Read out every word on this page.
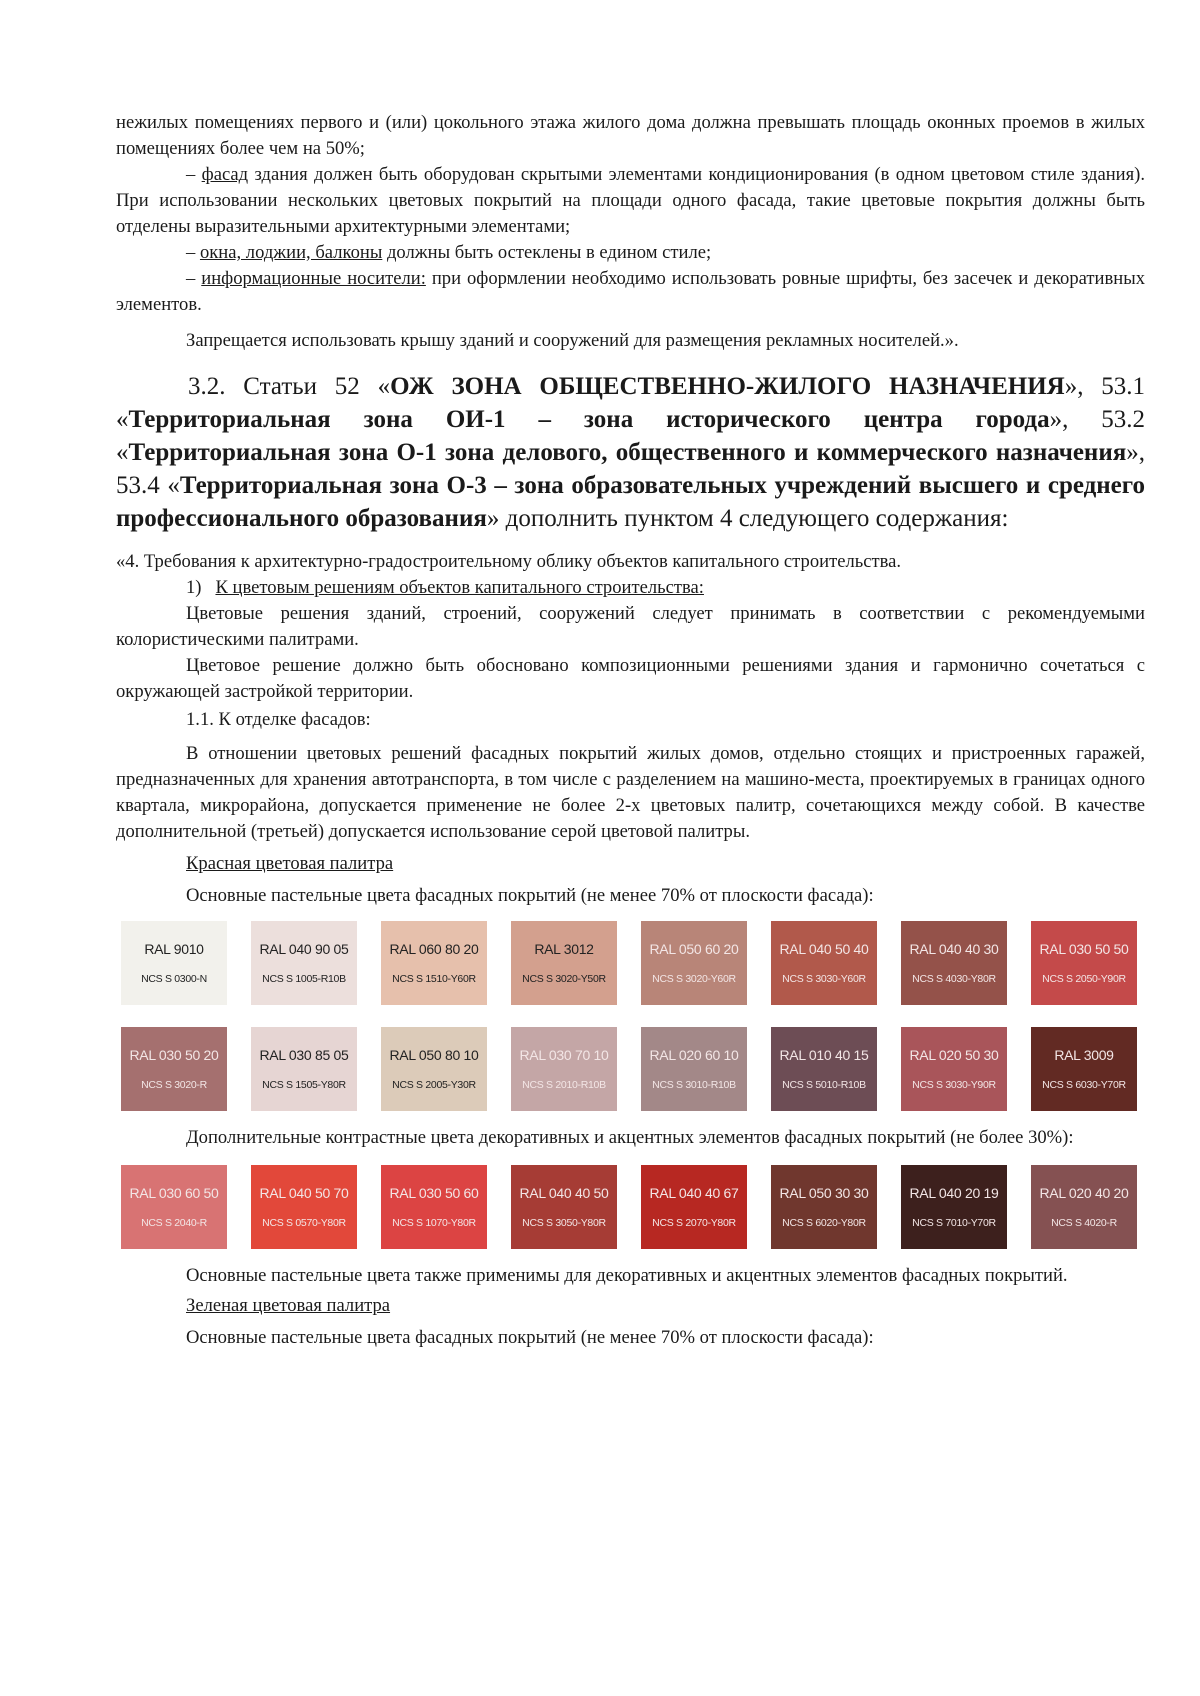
нежилых помещениях первого и (или) цокольного этажа жилого дома должна превышать площадь оконных проемов в жилых помещениях более чем на 50%;

– фасад здания должен быть оборудован скрытыми элементами кондиционирования (в одном цветовом стиле здания). При использовании нескольких цветовых покрытий на площади одного фасада, такие цветовые покрытия должны быть отделены выразительными архитектурными элементами;

– окна, лоджии, балконы должны быть остеклены в едином стиле;

– информационные носители: при оформлении необходимо использовать ровные шрифты, без засечек и декоративных элементов.

Запрещается использовать крышу зданий и сооружений для размещения рекламных носителей.».

3.2. Статьи 52 «ОЖ ЗОНА ОБЩЕСТВЕННО-ЖИЛОГО НАЗНАЧЕНИЯ», 53.1 «Территориальная зона ОИ-1 – зона исторического центра города», 53.2 «Территориальная зона О-1 зона делового, общественного и коммерческого назначения», 53.4 «Территориальная зона О-3 – зона образовательных учреждений высшего и среднего профессионального образования» дополнить пунктом 4 следующего содержания:

«4. Требования к архитектурно-градостроительному облику объектов капитального строительства.

1) К цветовым решениям объектов капитального строительства:

Цветовые решения зданий, строений, сооружений следует принимать в соответствии с рекомендуемыми колористическими палитрами.

Цветовое решение должно быть обосновано композиционными решениями здания и гармонично сочетаться с окружающей застройкой территории.

1.1. К отделке фасадов:

В отношении цветовых решений фасадных покрытий жилых домов, отдельно стоящих и пристроенных гаражей, предназначенных для хранения автотранспорта, в том числе с разделением на машино-места, проектируемых в границах одного квартала, микрорайона, допускается применение не более 2-х цветовых палитр, сочетающихся между собой. В качестве дополнительной (третьей) допускается использование серой цветовой палитры.

Красная цветовая палитра

Основные пастельные цвета фасадных покрытий (не менее 70% от плоскости фасада):

RAL 9010
NCS S 0300-N
RAL 040 90 05
NCS S 1005-R10B
RAL 060 80 20
NCS S 1510-Y60R
RAL 3012
NCS S 3020-Y50R
RAL 050 60 20
NCS S 3020-Y60R
RAL 040 50 40
NCS S 3030-Y60R
RAL 040 40 30
NCS S 4030-Y80R
RAL 030 50 50
NCS S 2050-Y90R
RAL 030 50 20
NCS S 3020-R
RAL 030 85 05
NCS S 1505-Y80R
RAL 050 80 10
NCS S 2005-Y30R
RAL 030 70 10
NCS S 2010-R10B
RAL 020 60 10
NCS S 3010-R10B
RAL 010 40 15
NCS S 5010-R10B
RAL 020 50 30
NCS S 3030-Y90R
RAL 3009
NCS S 6030-Y70R

Дополнительные контрастные цвета декоративных и акцентных элементов фасадных покрытий (не более 30%):

RAL 030 60 50
NCS S 2040-R
RAL 040 50 70
NCS S 0570-Y80R
RAL 030 50 60
NCS S 1070-Y80R
RAL 040 40 50
NCS S 3050-Y80R
RAL 040 40 67
NCS S 2070-Y80R
RAL 050 30 30
NCS S 6020-Y80R
RAL 040 20 19
NCS S 7010-Y70R
RAL 020 40 20
NCS S 4020-R

Основные пастельные цвета также применимы для декоративных и акцентных элементов фасадных покрытий.

Зеленая цветовая палитра

Основные пастельные цвета фасадных покрытий (не менее 70% от плоскости фасада):
